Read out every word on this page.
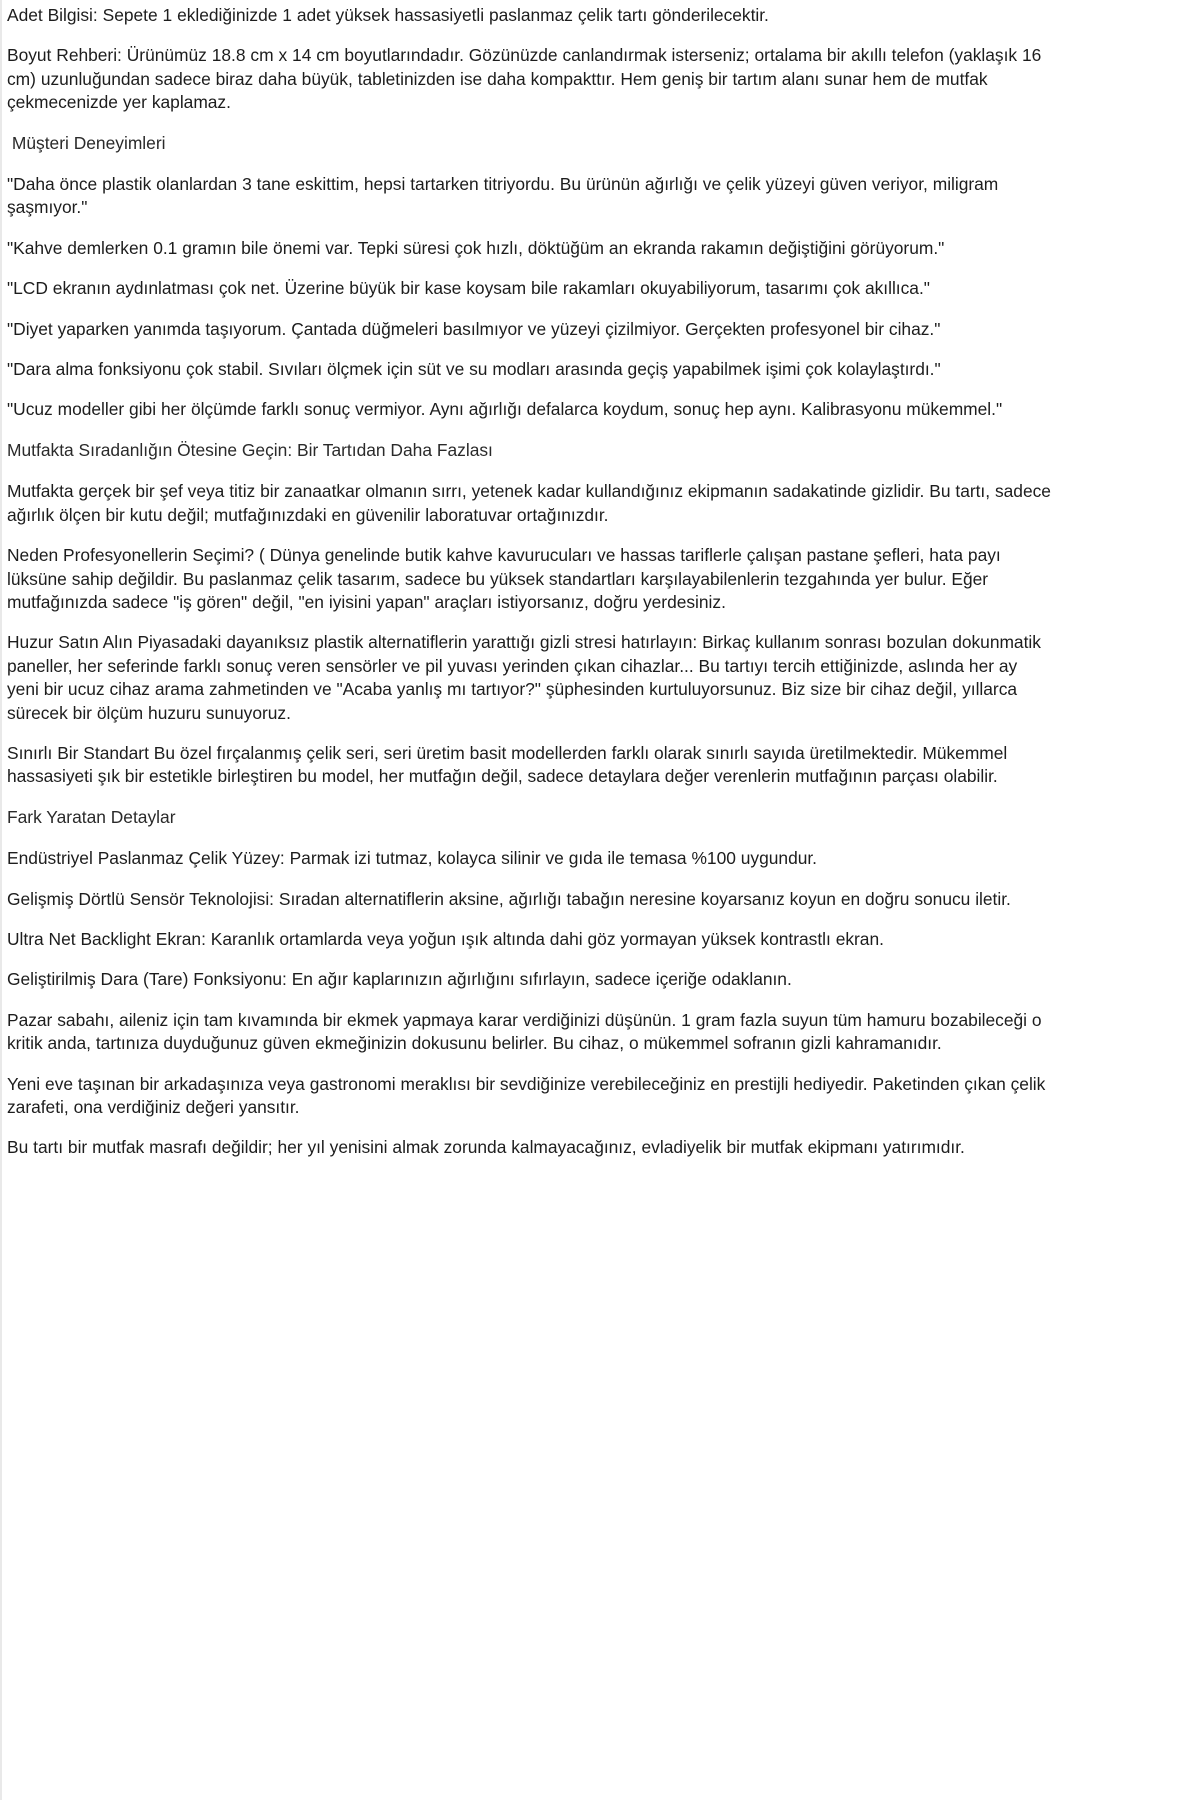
Adet Bilgisi: Sepete 1 eklediğinizde 1 adet yüksek hassasiyetli paslanmaz çelik tartı gönderilecektir.

Boyut Rehberi: Ürünümüz 18.8 cm x 14 cm boyutlarındadır. Gözünüzde canlandırmak isterseniz; ortalama bir akıllı telefon (yaklaşık 16 cm) uzunluğundan sadece biraz daha büyük, tabletinizden ise daha kompakttır. Hem geniş bir tartım alanı sunar hem de mutfak çekmecenizde yer kaplamaz.

Müşteri Deneyimleri

"Daha önce plastik olanlardan 3 tane eskittim, hepsi tartarken titriyordu. Bu ürünün ağırlığı ve çelik yüzeyi güven veriyor, miligram şaşmıyor."

"Kahve demlerken 0.1 gramın bile önemi var. Tepki süresi çok hızlı, döktüğüm an ekranda rakamın değiştiğini görüyorum."

"LCD ekranın aydınlatması çok net. Üzerine büyük bir kase koysam bile rakamları okuyabiliyorum, tasarımı çok akıllıca."

"Diyet yaparken yanımda taşıyorum. Çantada düğmeleri basılmıyor ve yüzeyi çizilmiyor. Gerçekten profesyonel bir cihaz."

"Dara alma fonksiyonu çok stabil. Sıvıları ölçmek için süt ve su modları arasında geçiş yapabilmek işimi çok kolaylaştırdı."

"Ucuz modeller gibi her ölçümde farklı sonuç vermiyor. Aynı ağırlığı defalarca koydum, sonuç hep aynı. Kalibrasyonu mükemmel."

Mutfakta Sıradanlığın Ötesine Geçin: Bir Tartıdan Daha Fazlası

Mutfakta gerçek bir şef veya titiz bir zanaatkar olmanın sırrı, yetenek kadar kullandığınız ekipmanın sadakatinde gizlidir. Bu tartı, sadece ağırlık ölçen bir kutu değil; mutfağınızdaki en güvenilir laboratuvar ortağınızdır.

Neden Profesyonellerin Seçimi? ( Dünya genelinde butik kahve kavurucuları ve hassas tariflerle çalışan pastane şefleri, hata payı lüksüne sahip değildir. Bu paslanmaz çelik tasarım, sadece bu yüksek standartları karşılayabilenlerin tezgahında yer bulur. Eğer mutfağınızda sadece "iş gören" değil, "en iyisini yapan" araçları istiyorsanız, doğru yerdesiniz.

Huzur Satın Alın Piyasadaki dayanıksız plastik alternatiflerin yarattığı gizli stresi hatırlayın: Birkaç kullanım sonrası bozulan dokunmatik paneller, her seferinde farklı sonuç veren sensörler ve pil yuvası yerinden çıkan cihazlar... Bu tartıyı tercih ettiğinizde, aslında her ay yeni bir ucuz cihaz arama zahmetinden ve "Acaba yanlış mı tartıyor?" şüphesinden kurtuluyorsunuz. Biz size bir cihaz değil, yıllarca sürecek bir ölçüm huzuru sunuyoruz.

Sınırlı Bir Standart Bu özel fırçalanmış çelik seri, seri üretim basit modellerden farklı olarak sınırlı sayıda üretilmektedir. Mükemmel hassasiyeti şık bir estetikle birleştiren bu model, her mutfağın değil, sadece detaylara değer verenlerin mutfağının parçası olabilir.

Fark Yaratan Detaylar

Endüstriyel Paslanmaz Çelik Yüzey: Parmak izi tutmaz, kolayca silinir ve gıda ile temasa %100 uygundur.

Gelişmiş Dörtlü Sensör Teknolojisi: Sıradan alternatiflerin aksine, ağırlığı tabağın neresine koyarsanız koyun en doğru sonucu iletir.

Ultra Net Backlight Ekran: Karanlık ortamlarda veya yoğun ışık altında dahi göz yormayan yüksek kontrastlı ekran.

Geliştirilmiş Dara (Tare) Fonksiyonu: En ağır kaplarınızın ağırlığını sıfırlayın, sadece içeriğe odaklanın.

Pazar sabahı, aileniz için tam kıvamında bir ekmek yapmaya karar verdiğinizi düşünün. 1 gram fazla suyun tüm hamuru bozabileceği o kritik anda, tartınıza duyduğunuz güven ekmeğinizin dokusunu belirler. Bu cihaz, o mükemmel sofranın gizli kahramanıdır.

Yeni eve taşınan bir arkadaşınıza veya gastronomi meraklısı bir sevdiğinize verebileceğiniz en prestijli hediyedir. Paketinden çıkan çelik zarafeti, ona verdiğiniz değeri yansıtır.

Bu tartı bir mutfak masrafı değildir; her yıl yenisini almak zorunda kalmayacağınız, evladiyelik bir mutfak ekipmanı yatırımıdır.
